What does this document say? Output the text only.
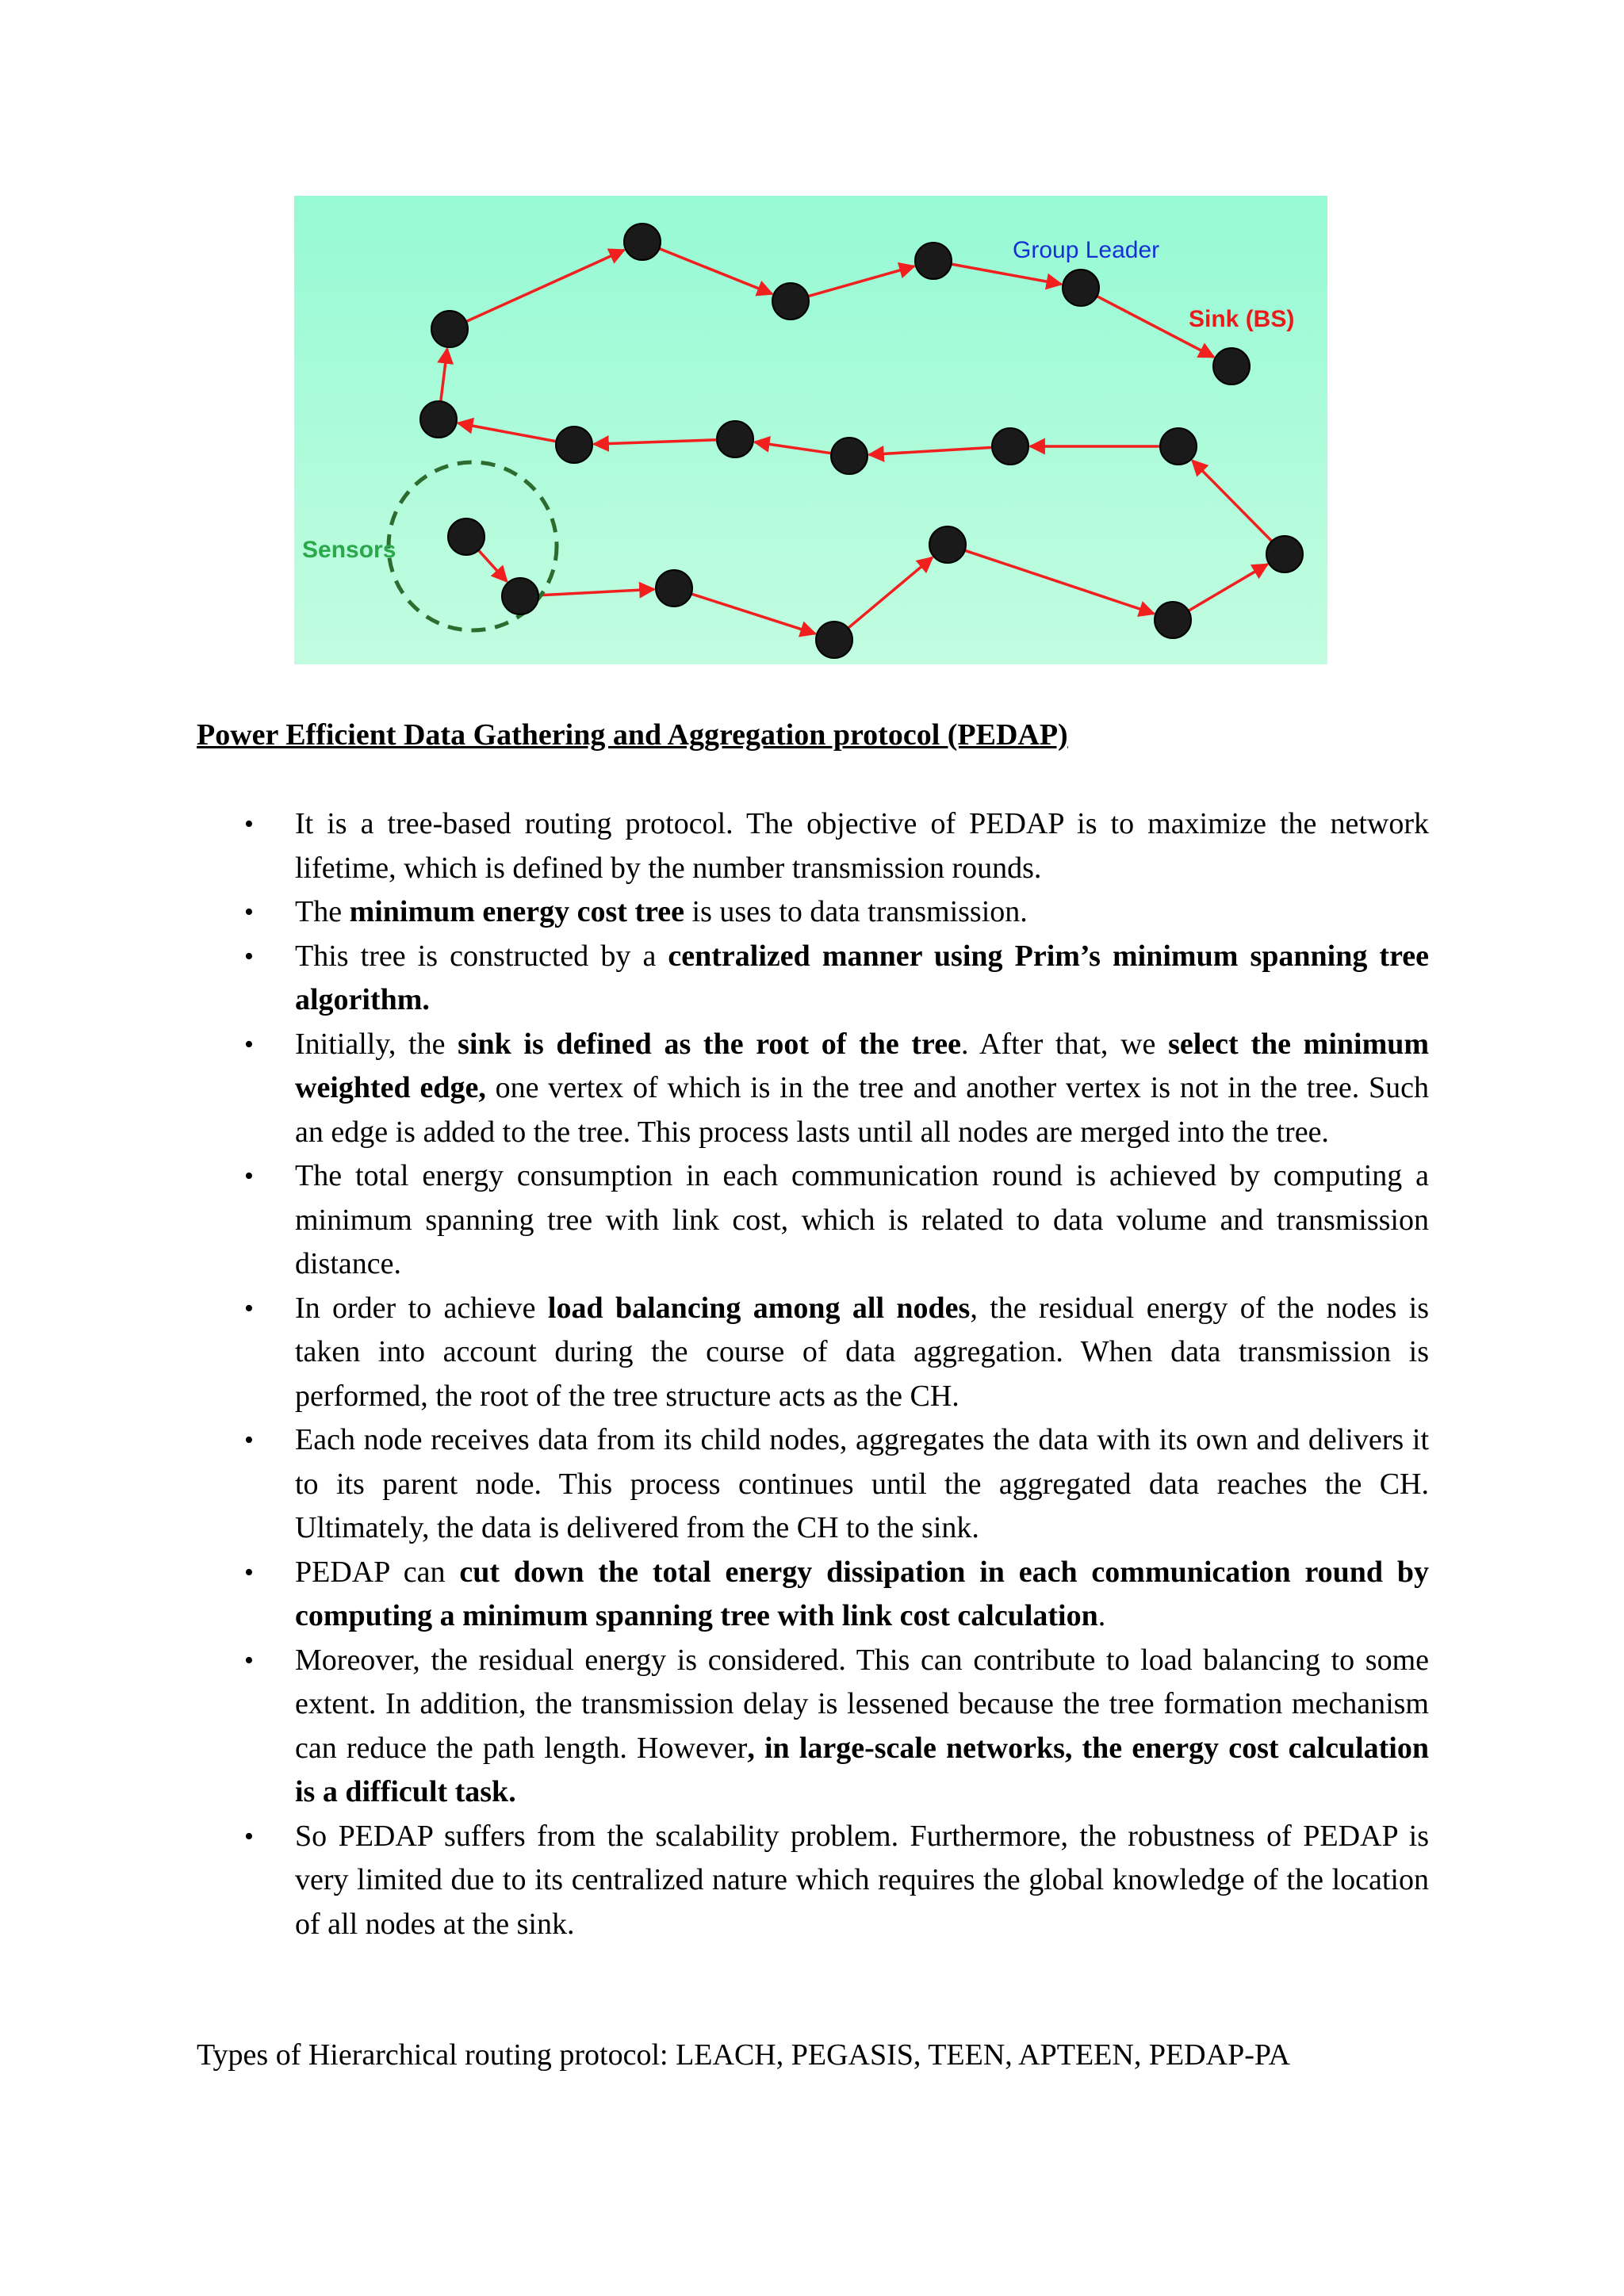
Group Leader
Sink (BS)
Sensors
Power Efficient Data Gathering and Aggregation protocol (PEDAP)
• It is a tree-based routing protocol. The objective of PEDAP is to maximize the network lifetime, which is defined by the number transmission rounds.
• The minimum energy cost tree is uses to data transmission.
• This tree is constructed by a centralized manner using Prim’s minimum spanning tree algorithm.
• Initially, the sink is defined as the root of the tree. After that, we select the minimum weighted edge, one vertex of which is in the tree and another vertex is not in the tree. Such an edge is added to the tree. This process lasts until all nodes are merged into the tree.
• The total energy consumption in each communication round is achieved by computing a minimum spanning tree with link cost, which is related to data volume and transmission distance.
• In order to achieve load balancing among all nodes, the residual energy of the nodes is taken into account during the course of data aggregation. When data transmission is performed, the root of the tree structure acts as the CH.
• Each node receives data from its child nodes, aggregates the data with its own and delivers it to its parent node. This process continues until the aggregated data reaches the CH. Ultimately, the data is delivered from the CH to the sink.
• PEDAP can cut down the total energy dissipation in each communication round by computing a minimum spanning tree with link cost calculation.
• Moreover, the residual energy is considered. This can contribute to load balancing to some extent. In addition, the transmission delay is lessened because the tree formation mechanism can reduce the path length. However, in large-scale networks, the energy cost calculation is a difficult task.
• So PEDAP suffers from the scalability problem. Furthermore, the robustness of PEDAP is very limited due to its centralized nature which requires the global knowledge of the location of all nodes at the sink.

Types of Hierarchical routing protocol: LEACH, PEGASIS, TEEN, APTEEN, PEDAP-PA
